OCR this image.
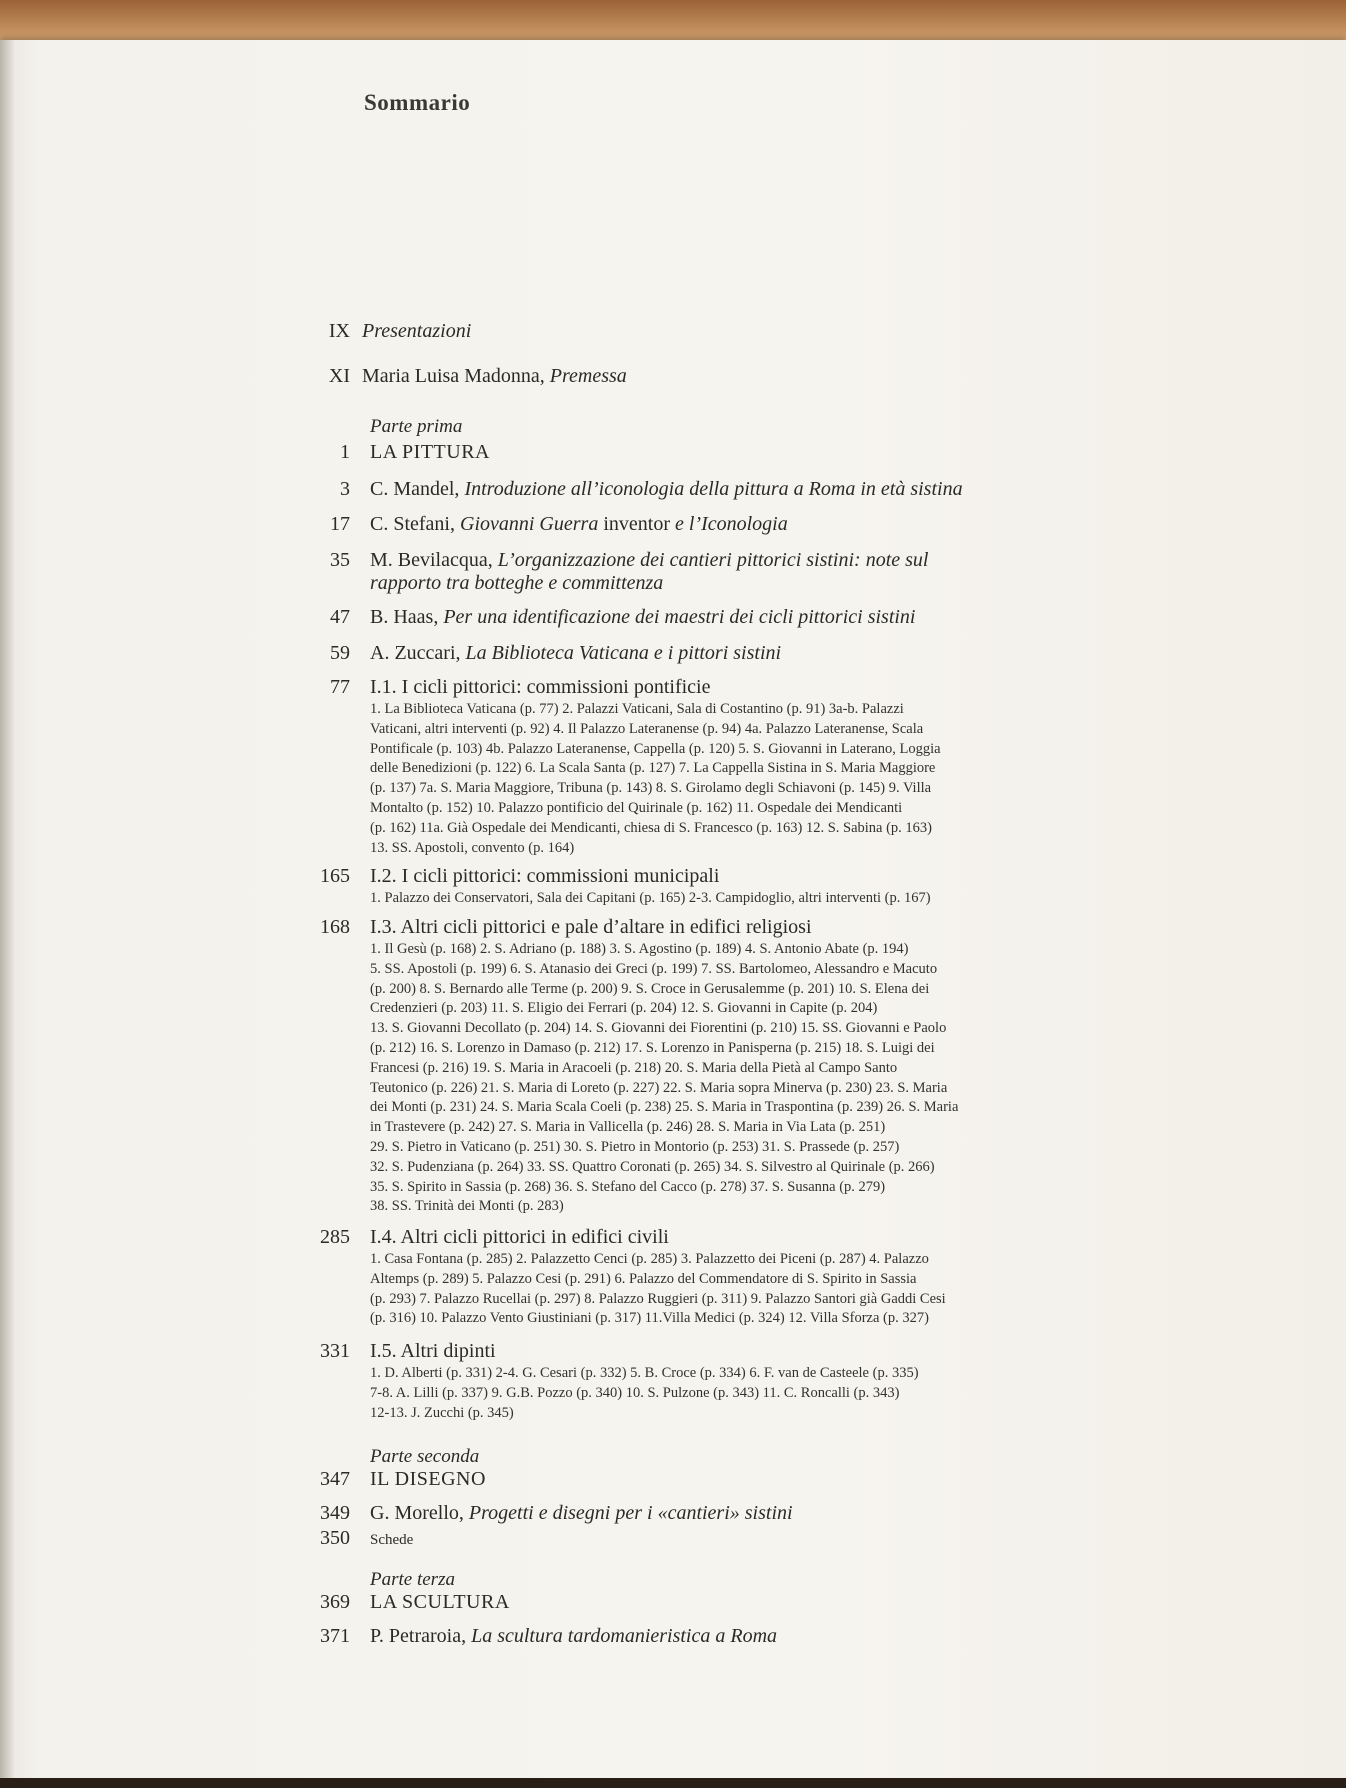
Sommario
IX Presentazioni
XI Maria Luisa Madonna, Premessa
Parte prima
1 LA PITTURA
3 C. Mandel, Introduzione all’iconologia della pittura a Roma in età sistina
17 C. Stefani, Giovanni Guerra inventor e l’Iconologia
35 M. Bevilacqua, L’organizzazione dei cantieri pittorici sistini: note sul
rapporto tra botteghe e committenza
47 B. Haas, Per una identificazione dei maestri dei cicli pittorici sistini
59 A. Zuccari, La Biblioteca Vaticana e i pittori sistini
77 I.1. I cicli pittorici: commissioni pontificie
1. La Biblioteca Vaticana (p. 77) 2. Palazzi Vaticani, Sala di Costantino (p. 91) 3a-b. Palazzi
Vaticani, altri interventi (p. 92) 4. Il Palazzo Lateranense (p. 94) 4a. Palazzo Lateranense, Scala
Pontificale (p. 103) 4b. Palazzo Lateranense, Cappella (p. 120) 5. S. Giovanni in Laterano, Loggia
delle Benedizioni (p. 122) 6. La Scala Santa (p. 127) 7. La Cappella Sistina in S. Maria Maggiore
(p. 137) 7a. S. Maria Maggiore, Tribuna (p. 143) 8. S. Girolamo degli Schiavoni (p. 145) 9. Villa
Montalto (p. 152) 10. Palazzo pontificio del Quirinale (p. 162) 11. Ospedale dei Mendicanti
(p. 162) 11a. Già Ospedale dei Mendicanti, chiesa di S. Francesco (p. 163) 12. S. Sabina (p. 163)
13. SS. Apostoli, convento (p. 164)
165 I.2. I cicli pittorici: commissioni municipali
1. Palazzo dei Conservatori, Sala dei Capitani (p. 165) 2-3. Campidoglio, altri interventi (p. 167)
168 I.3. Altri cicli pittorici e pale d’altare in edifici religiosi
1. Il Gesù (p. 168) 2. S. Adriano (p. 188) 3. S. Agostino (p. 189) 4. S. Antonio Abate (p. 194)
5. SS. Apostoli (p. 199) 6. S. Atanasio dei Greci (p. 199) 7. SS. Bartolomeo, Alessandro e Macuto
(p. 200) 8. S. Bernardo alle Terme (p. 200) 9. S. Croce in Gerusalemme (p. 201) 10. S. Elena dei
Credenzieri (p. 203) 11. S. Eligio dei Ferrari (p. 204) 12. S. Giovanni in Capite (p. 204)
13. S. Giovanni Decollato (p. 204) 14. S. Giovanni dei Fiorentini (p. 210) 15. SS. Giovanni e Paolo
(p. 212) 16. S. Lorenzo in Damaso (p. 212) 17. S. Lorenzo in Panisperna (p. 215) 18. S. Luigi dei
Francesi (p. 216) 19. S. Maria in Aracoeli (p. 218) 20. S. Maria della Pietà al Campo Santo
Teutonico (p. 226) 21. S. Maria di Loreto (p. 227) 22. S. Maria sopra Minerva (p. 230) 23. S. Maria
dei Monti (p. 231) 24. S. Maria Scala Coeli (p. 238) 25. S. Maria in Traspontina (p. 239) 26. S. Maria
in Trastevere (p. 242) 27. S. Maria in Vallicella (p. 246) 28. S. Maria in Via Lata (p. 251)
29. S. Pietro in Vaticano (p. 251) 30. S. Pietro in Montorio (p. 253) 31. S. Prassede (p. 257)
32. S. Pudenziana (p. 264) 33. SS. Quattro Coronati (p. 265) 34. S. Silvestro al Quirinale (p. 266)
35. S. Spirito in Sassia (p. 268) 36. S. Stefano del Cacco (p. 278) 37. S. Susanna (p. 279)
38. SS. Trinità dei Monti (p. 283)
285 I.4. Altri cicli pittorici in edifici civili
1. Casa Fontana (p. 285) 2. Palazzetto Cenci (p. 285) 3. Palazzetto dei Piceni (p. 287) 4. Palazzo
Altemps (p. 289) 5. Palazzo Cesi (p. 291) 6. Palazzo del Commendatore di S. Spirito in Sassia
(p. 293) 7. Palazzo Rucellai (p. 297) 8. Palazzo Ruggieri (p. 311) 9. Palazzo Santori già Gaddi Cesi
(p. 316) 10. Palazzo Vento Giustiniani (p. 317) 11.Villa Medici (p. 324) 12. Villa Sforza (p. 327)
331 I.5. Altri dipinti
1. D. Alberti (p. 331) 2-4. G. Cesari (p. 332) 5. B. Croce (p. 334) 6. F. van de Casteele (p. 335)
7-8. A. Lilli (p. 337) 9. G.B. Pozzo (p. 340) 10. S. Pulzone (p. 343) 11. C. Roncalli (p. 343)
12-13. J. Zucchi (p. 345)
Parte seconda
347 IL DISEGNO
349 G. Morello, Progetti e disegni per i «cantieri» sistini
350 Schede
Parte terza
369 LA SCULTURA
371 P. Petraroia, La scultura tardomanieristica a Roma
